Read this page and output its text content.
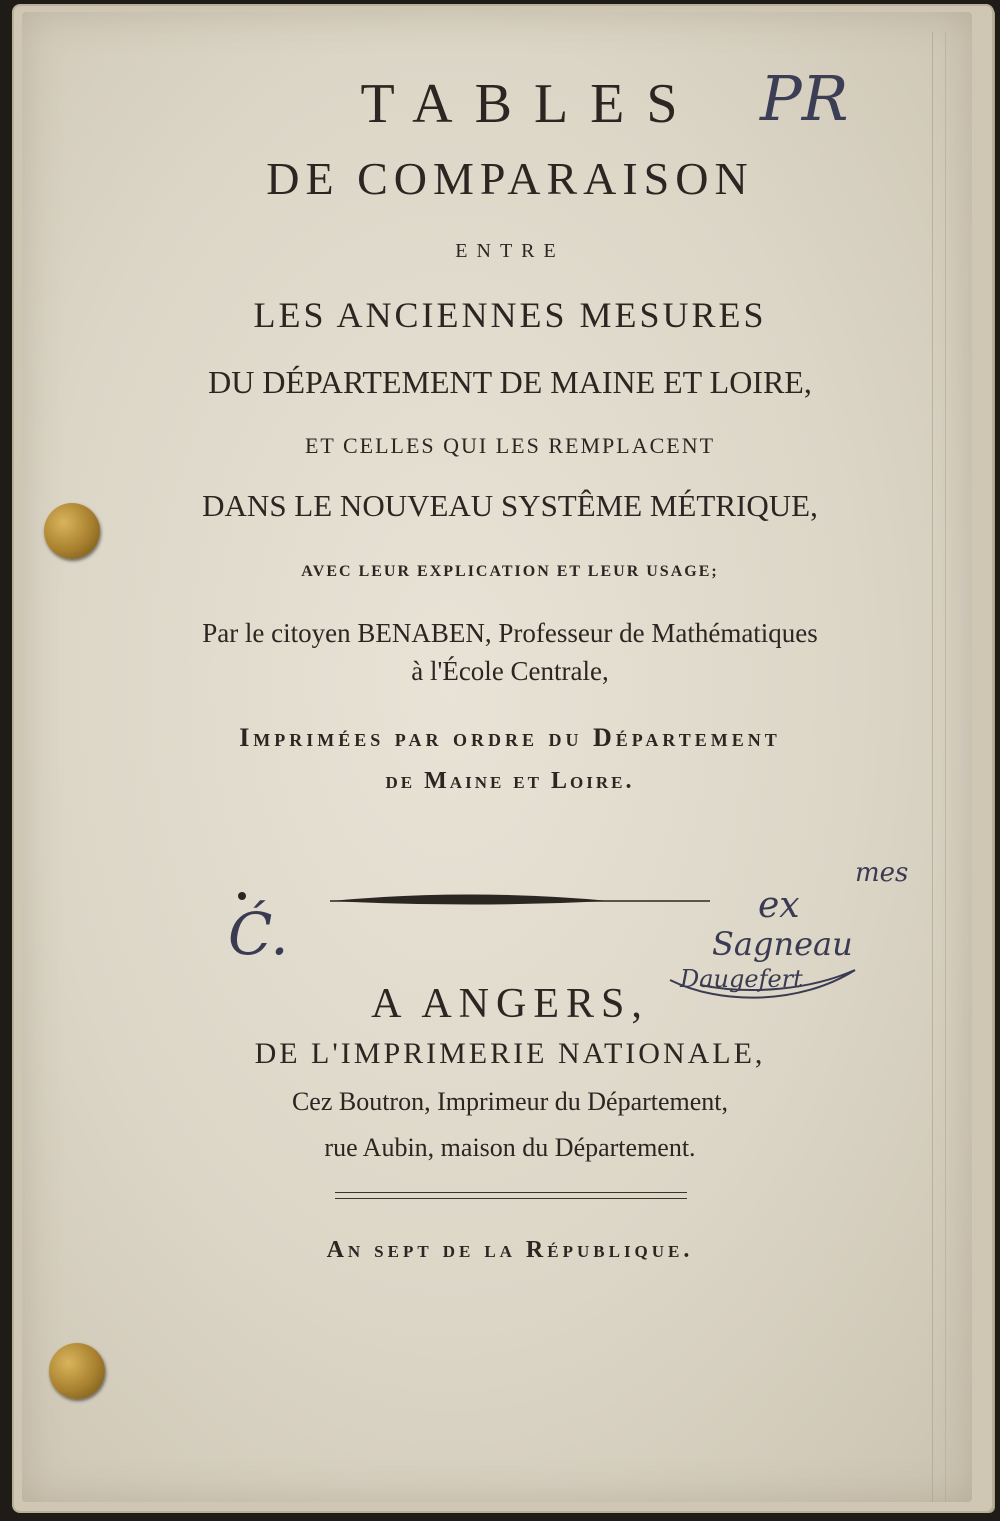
PR
TABLES
DE COMPARAISON
ENTRE
LES ANCIENNES MESURES
DU DÉPARTEMENT DE MAINE ET LOIRE,
ET CELLES QUI LES REMPLACENT
DANS LE NOUVEAU SYSTÊME MÉTRIQUE,
AVEC LEUR EXPLICATION ET LEUR USAGE;
Par le citoyen BENABEN, Professeur de Mathématiques
à l'École Centrale,
Imprimées par ordre du Département
de Maine et Loire.
Ć.
mes
ex
Sagneau
Daugefert
A ANGERS,
DE L'IMPRIMERIE NATIONALE,
Cez Boutron, Imprimeur du Département,
rue Aubin, maison du Département.
An sept de la République.
